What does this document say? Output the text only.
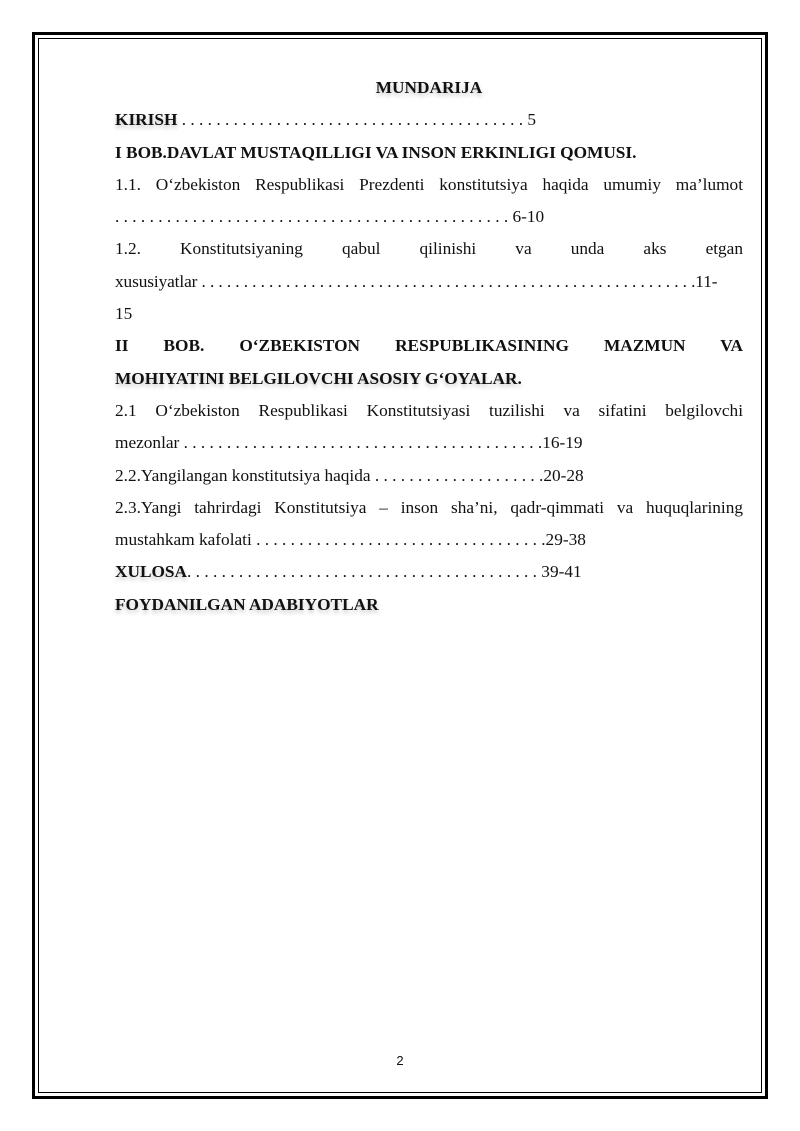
MUNDARIJA

KIRISH . . . . . . . . . . . . . . . . . . . . . . . . . . . . . . . . . . . . . . . . 5

I BOB.DAVLAT MUSTAQILLIGI VA INSON ERKINLIGI QOMUSI.

1.1. O‘zbekiston Respublikasi Prezdenti konstitutsiya haqida umumiy ma’lumot

. . . . . . . . . . . . . . . . . . . . . . . . . . . . . . . . . . . . . . . . . . . . . . 6-10

1.2. Konstitutsiyaning qabul qilinishi va unda aks etgan

xususiyatlar . . . . . . . . . . . . . . . . . . . . . . . . . . . . . . . . . . . . . . . . . . . . . . . . . . . . . . . . . . .11-

15

II BOB. O‘ZBEKISTON RESPUBLIKASINING MAZMUN VA

MOHIYATINI BELGILOVCHI ASOSIY G‘OYALAR.

2.1 O‘zbekiston Respublikasi Konstitutsiyasi tuzilishi va sifatini belgilovchi

mezonlar . . . . . . . . . . . . . . . . . . . . . . . . . . . . . . . . . . . . . . . . . .16-19

2.2.Yangilangan konstitutsiya haqida . . . . . . . . . . . . . . . . . . . .20-28

2.3.Yangi tahrirdagi Konstitutsiya – inson sha’ni, qadr-qimmati va huquqlarining

mustahkam kafolati . . . . . . . . . . . . . . . . . . . . . . . . . . . . . . . . . .29-38

XULOSA. . . . . . . . . . . . . . . . . . . . . . . . . . . . . . . . . . . . . . . . . 39-41

FOYDANILGAN ADABIYOTLAR

2
